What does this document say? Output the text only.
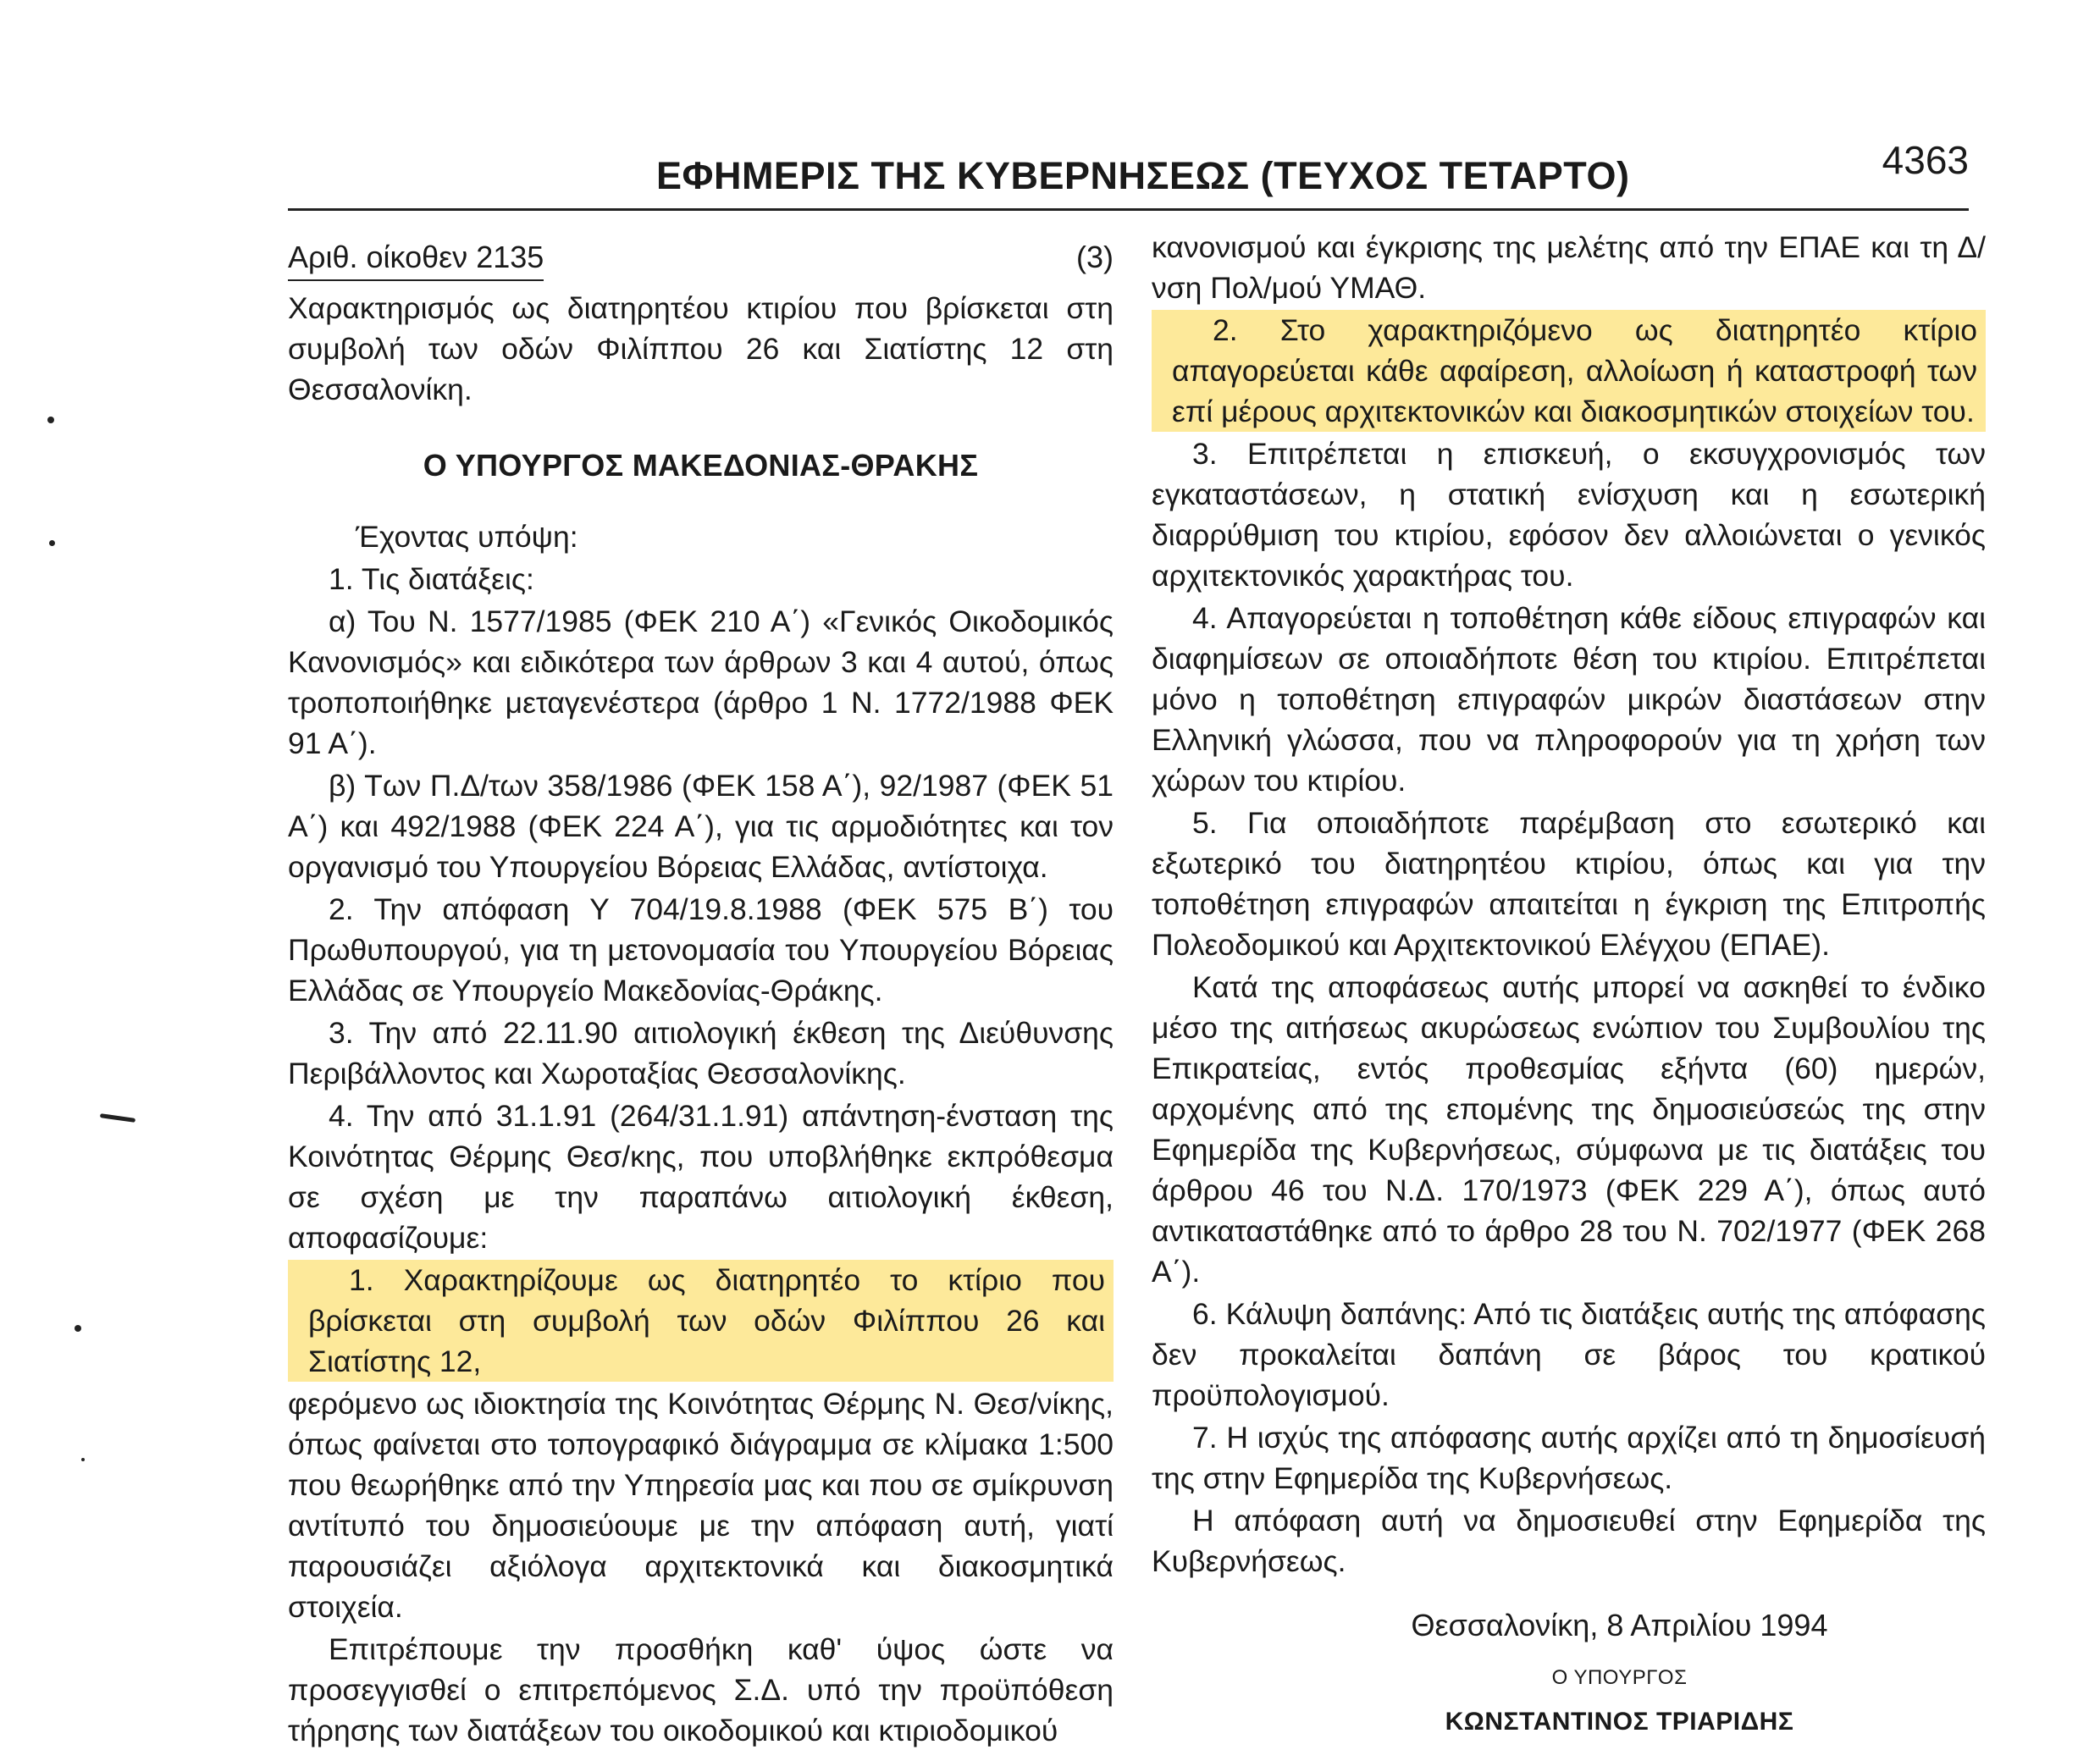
ΕΦΗΜΕΡΙΣ ΤΗΣ ΚΥΒΕΡΝΗΣΕΩΣ (ΤΕΥΧΟΣ ΤΕΤΑΡΤΟ)	4363
Αριθ. οίκοθεν 2135	(3)

Χαρακτηρισμός ως διατηρητέου κτιρίου που βρίσκεται στη συμβολή των οδών Φιλίππου 26 και Σιατίστης 12 στη Θεσσαλονίκη.

Ο ΥΠΟΥΡΓΟΣ ΜΑΚΕΔΟΝΙΑΣ-ΘΡΑΚΗΣ

Έχοντας υπόψη:

1. Τις διατάξεις:

α) Του Ν. 1577/1985 (ΦΕΚ 210 Α΄) «Γενικός Οικοδομικός Κανονισμός» και ειδικότερα των άρθρων 3 και 4 αυτού, όπως τροποποιήθηκε μεταγενέστερα (άρθρο 1 Ν. 1772/1988 ΦΕΚ 91 Α΄).

β) Των Π.Δ/των 358/1986 (ΦΕΚ 158 Α΄), 92/1987 (ΦΕΚ 51 Α΄) και 492/1988 (ΦΕΚ 224 Α΄), για τις αρμοδιότητες και τον οργανισμό του Υπουργείου Βόρειας Ελλάδας, αντίστοιχα.

2. Την απόφαση Υ 704/19.8.1988 (ΦΕΚ 575 Β΄) του Πρωθυπουργού, για τη μετονομασία του Υπουργείου Βόρειας Ελλάδας σε Υπουργείο Μακεδονίας-Θράκης.

3. Την από 22.11.90 αιτιολογική έκθεση της Διεύθυνσης Περιβάλλοντος και Χωροταξίας Θεσσαλονίκης.

4. Την από 31.1.91 (264/31.1.91) απάντηση-ένσταση της Κοινότητας Θέρμης Θεσ/κης, που υποβλήθηκε εκπρόθεσμα σε σχέση με την παραπάνω αιτιολογική έκθεση, αποφασίζουμε:

1. Χαρακτηρίζουμε ως διατηρητέο το κτίριο που βρίσκεται στη συμβολή των οδών Φιλίππου 26 και Σιατίστης 12,

φερόμενο ως ιδιοκτησία της Κοινότητας Θέρμης Ν. Θεσ/νίκης, όπως φαίνεται στο τοπογραφικό διάγραμμα σε κλίμακα 1:500 που θεωρήθηκε από την Υπηρεσία μας και που σε σμίκρυνση αντίτυπό του δημοσιεύουμε με την απόφαση αυτή, γιατί παρουσιάζει αξιόλογα αρχιτεκτονικά και διακοσμητικά στοιχεία.

Επιτρέπουμε την προσθήκη καθ' ύψος ώστε να προσεγγισθεί ο επιτρεπόμενος Σ.Δ. υπό την προϋπόθεση τήρησης των διατάξεων του οικοδομικού και κτιριοδομικού

κανονισμού και έγκρισης της μελέτης από την ΕΠΑΕ και τη Δ/νση Πολ/μού ΥΜΑΘ.

2. Στο χαρακτηριζόμενο ως διατηρητέο κτίριο απαγορεύεται κάθε αφαίρεση, αλλοίωση ή καταστροφή των επί μέρους αρχιτεκτονικών και διακοσμητικών στοιχείων του.

3. Επιτρέπεται η επισκευή, ο εκσυγχρονισμός των εγκαταστάσεων, η στατική ενίσχυση και η εσωτερική διαρρύθμιση του κτιρίου, εφόσον δεν αλλοιώνεται ο γενικός αρχιτεκτονικός χαρακτήρας του.

4. Απαγορεύεται η τοποθέτηση κάθε είδους επιγραφών και διαφημίσεων σε οποιαδήποτε θέση του κτιρίου. Επιτρέπεται μόνο η τοποθέτηση επιγραφών μικρών διαστάσεων στην Ελληνική γλώσσα, που να πληροφορούν για τη χρήση των χώρων του κτιρίου.

5. Για οποιαδήποτε παρέμβαση στο εσωτερικό και εξωτερικό του διατηρητέου κτιρίου, όπως και για την τοποθέτηση επιγραφών απαιτείται η έγκριση της Επιτροπής Πολεοδομικού και Αρχιτεκτονικού Ελέγχου (ΕΠΑΕ).

Κατά της αποφάσεως αυτής μπορεί να ασκηθεί το ένδικο μέσο της αιτήσεως ακυρώσεως ενώπιον του Συμβουλίου της Επικρατείας, εντός προθεσμίας εξήντα (60) ημερών, αρχομένης από της επομένης της δημοσιεύσεώς της στην Εφημερίδα της Κυβερνήσεως, σύμφωνα με τις διατάξεις του άρθρου 46 του Ν.Δ. 170/1973 (ΦΕΚ 229 Α΄), όπως αυτό αντικαταστάθηκε από το άρθρο 28 του Ν. 702/1977 (ΦΕΚ 268 Α΄).

6. Κάλυψη δαπάνης: Από τις διατάξεις αυτής της απόφασης δεν προκαλείται δαπάνη σε βάρος του κρατικού προϋπολογισμού.

7. Η ισχύς της απόφασης αυτής αρχίζει από τη δημοσίευσή της στην Εφημερίδα της Κυβερνήσεως.

Η απόφαση αυτή να δημοσιευθεί στην Εφημερίδα της Κυβερνήσεως.

Θεσσαλονίκη, 8 Απριλίου 1994
Ο ΥΠΟΥΡΓΟΣ
ΚΩΝΣΤΑΝΤΙΝΟΣ ΤΡΙΑΡΙΔΗΣ
